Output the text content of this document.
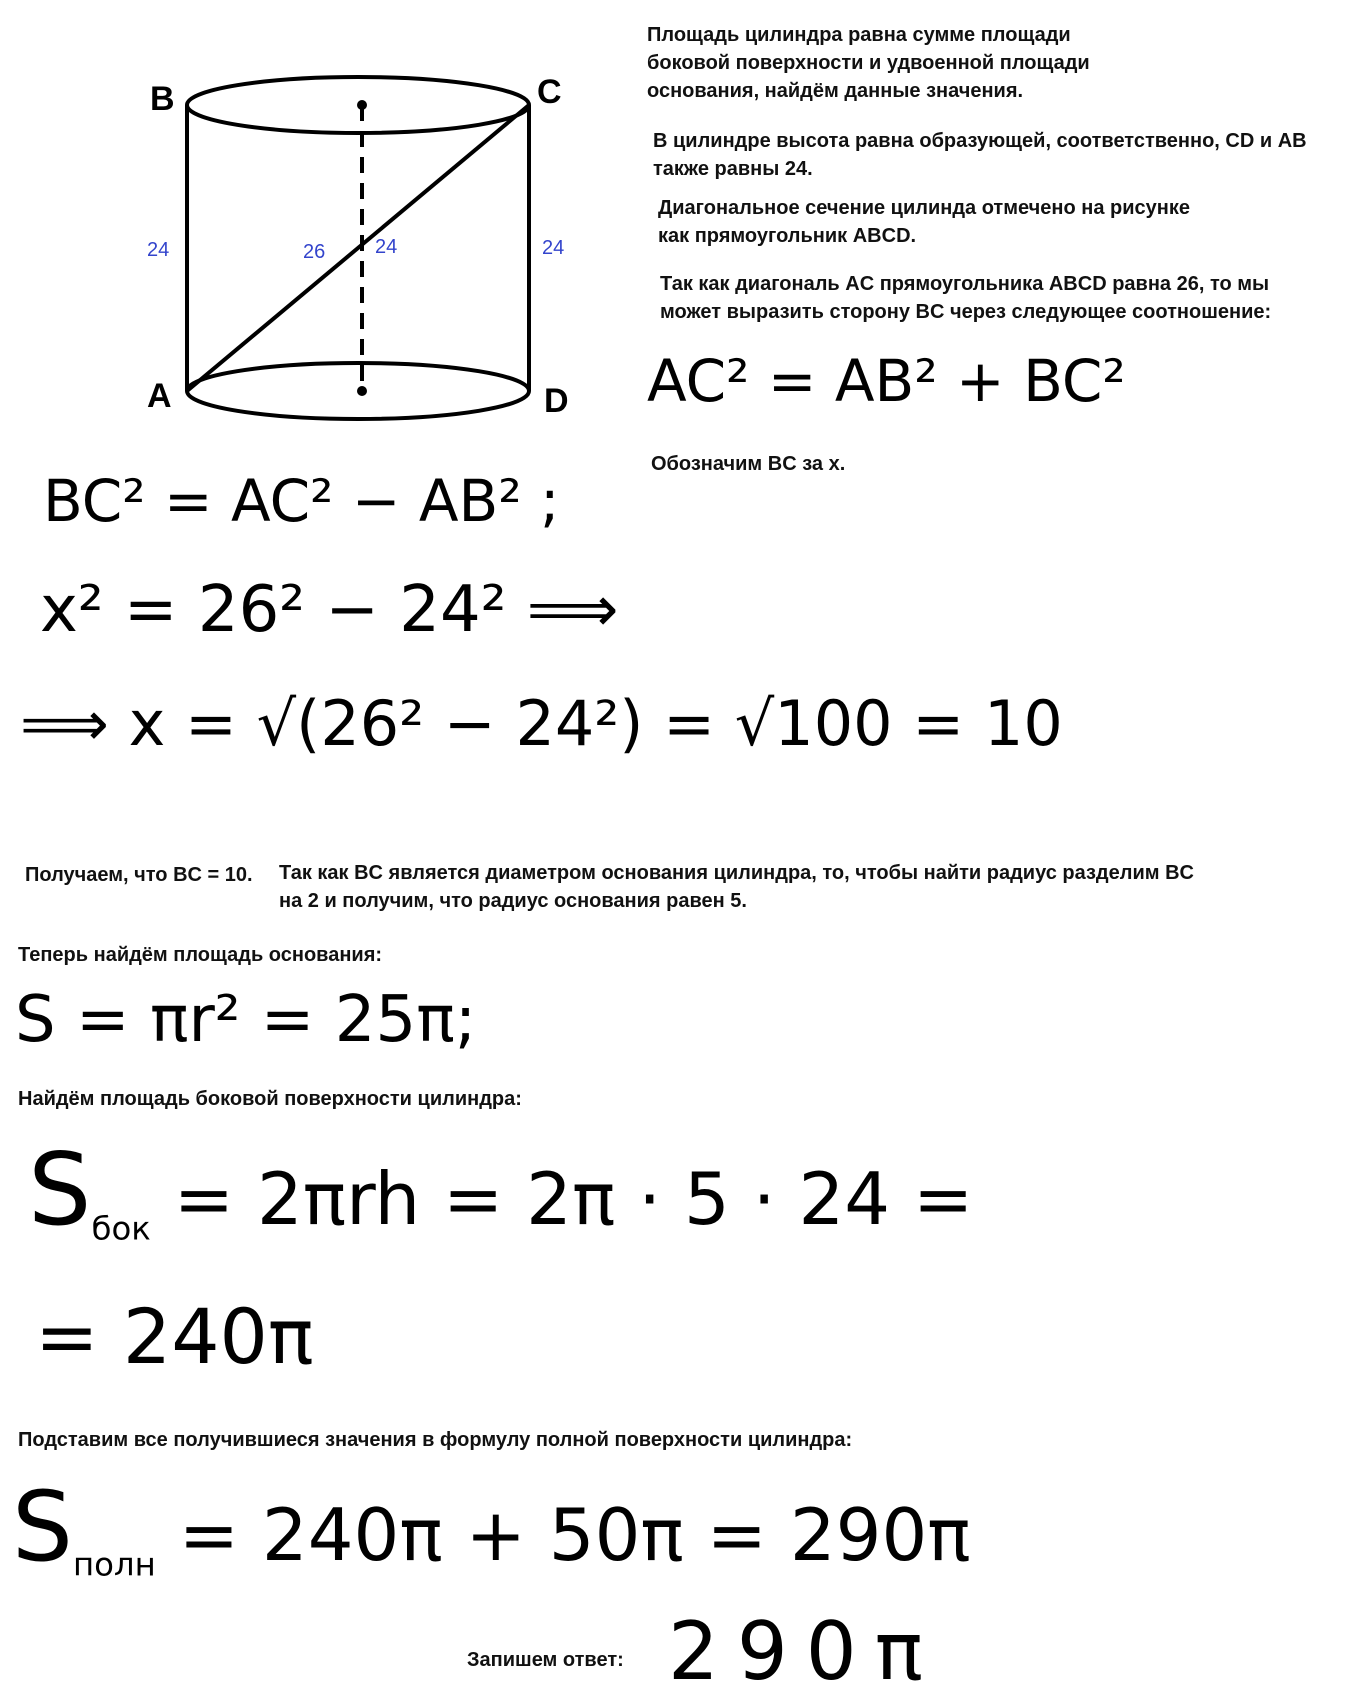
B	C
A	D
24	26 24	24
Площадь цилиндра равна сумме площади
боковой поверхности и удвоенной площади
основания, найдём данные значения.
В цилиндре высота равна образующей, соответственно, CD и AB
также равны 24.
Диагональное сечение цилинда отмечено на рисунке
как прямоугольник ABCD.
Так как диагональ AC прямоугольника ABCD равна 26, то мы
может выразить сторону BC через следующее соотношение:
AC² = AB² + BC²
Обозначим BC за x.
BC² = AC² − AB² ;
x² = 26² − 24² ⟹
⟹ x = √(26² − 24²) = √100 = 10
Получаем, что BC = 10. Так как BC является диаметром основания цилиндра, то, чтобы найти радиус разделим BC
на 2 и получим, что радиус основания равен 5.
Теперь найдём площадь основания:
S = πr² = 25π;
Найдём площадь боковой поверхности цилиндра:
$S_{бок} = 2\pi rh = 2\pi \cdot 5 \cdot 24$ =
= 240π
Подставим все получившиеся значения в формулу полной поверхности цилиндра:
$S_{полн} = 240\pi + 50\pi = 290\pi$
Запишем ответ: 290π
